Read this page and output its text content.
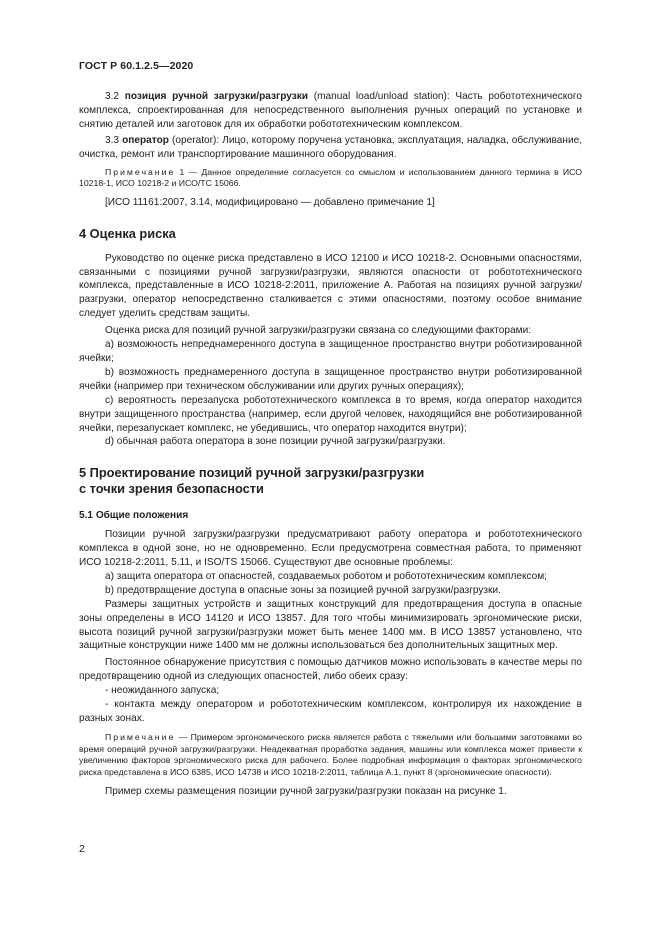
ГОСТ Р 60.1.2.5—2020

3.2 позиция ручной загрузки/разгрузки (manual load/unload station): Часть робототехнического комплекса, спроектированная для непосредственного выполнения ручных операций по установке и снятию деталей или заготовок для их обработки робототехническим комплексом.

3.3 оператор (operator): Лицо, которому поручена установка, эксплуатация, наладка, обслуживание, очистка, ремонт или транспортирование машинного оборудования.

Примечание 1 — Данное определение согласуется со смыслом и использованием данного термина в ИСО 10218-1, ИСО 10218-2 и ИСО/ТС 15066.

[ИСО 11161:2007, 3.14, модифицировано — добавлено примечание 1]

4 Оценка риска

Руководство по оценке риска представлено в ИСО 12100 и ИСО 10218-2. Основными опасностями, связанными с позициями ручной загрузки/разгрузки, являются опасности от робототехнического комплекса, представленные в ИСО 10218-2:2011, приложение А. Работая на позициях ручной загрузки/разгрузки, оператор непосредственно сталкивается с этими опасностями, поэтому особое внимание следует уделить средствам защиты.

Оценка риска для позиций ручной загрузки/разгрузки связана со следующими факторами:

а) возможность непреднамеренного доступа в защищенное пространство внутри роботизированной ячейки;

b) возможность преднамеренного доступа в защищенное пространство внутри роботизированной ячейки (например при техническом обслуживании или других ручных операциях);

с) вероятность перезапуска робототехнического комплекса в то время, когда оператор находится внутри защищенного пространства (например, если другой человек, находящийся вне роботизированной ячейки, перезапускает комплекс, не убедившись, что оператор находится внутри);

d) обычная работа оператора в зоне позиции ручной загрузки/разгрузки.

5 Проектирование позиций ручной загрузки/разгрузки

с точки зрения безопасности

5.1 Общие положения

Позиции ручной загрузки/разгрузки предусматривают работу оператора и робототехнического комплекса в одной зоне, но не одновременно. Если предусмотрена совместная работа, то применяют ИСО 10218-2:2011, 5.11, и ISO/TS 15066. Существуют две основные проблемы:

а) защита оператора от опасностей, создаваемых роботом и робототехническим комплексом;

b) предотвращение доступа в опасные зоны за позицией ручной загрузки/разгрузки.

Размеры защитных устройств и защитных конструкций для предотвращения доступа в опасные зоны определены в ИСО 14120 и ИСО 13857. Для того чтобы минимизировать эргономические риски, высота позиций ручной загрузки/разгрузки может быть менее 1400 мм. В ИСО 13857 установлено, что защитные конструкции ниже 1400 мм не должны использоваться без дополнительных защитных мер.

Постоянное обнаружение присутствия с помощью датчиков можно использовать в качестве меры по предотвращению одной из следующих опасностей, либо обеих сразу:

- неожиданного запуска;

- контакта между оператором и робототехническим комплексом, контролируя их нахождение в разных зонах.

Примечание — Примером эргономического риска является работа с тяжелыми или большими заготовками во время операций ручной загрузки/разгрузки. Неадекватная проработка задания, машины или комплекса может привести к увеличению факторов эргономического риска для рабочего. Более подробная информация о факторах эргономического риска представлена в ИСО 6385, ИСО 14738 и ИСО 10218-2:2011, таблица А.1, пункт 8 (эргономические опасности).

Пример схемы размещения позиции ручной загрузки/разгрузки показан на рисунке 1.

2
